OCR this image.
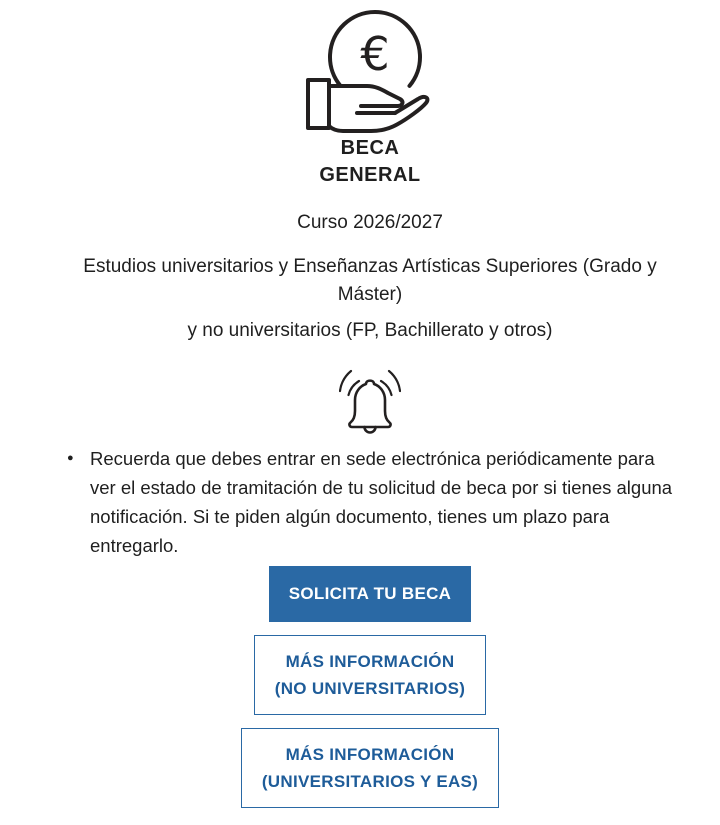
€
BECA GENERAL

Curso 2026/2027

Estudios universitarios y Enseñanzas Artísticas Superiores (Grado y Máster)

y no universitarios (FP, Bachillerato y otros)

● Recuerda que debes entrar en sede electrónica periódicamente para ver el estado de tramitación de tu solicitud de beca por si tienes alguna notificación. Si te piden algún documento, tienes um plazo para entregarlo.

SOLICITA TU BECA
MÁS INFORMACIÓN
(NO UNIVERSITARIOS)
MÁS INFORMACIÓN
(UNIVERSITARIOS Y EAS)
